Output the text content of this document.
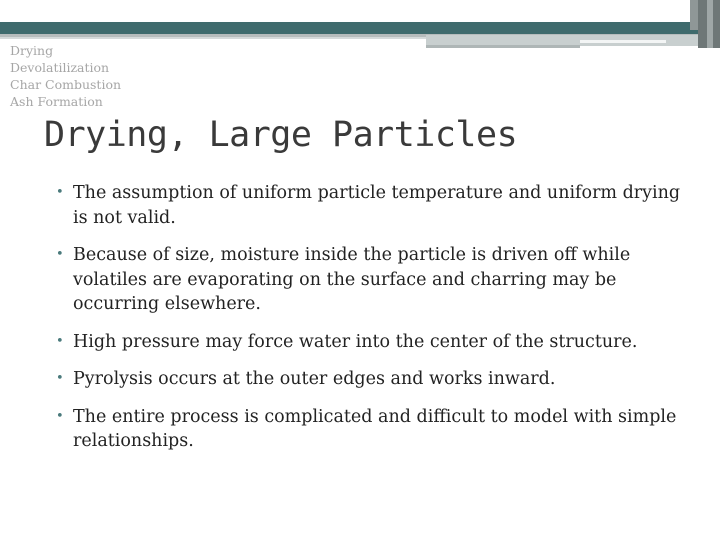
Drying
Devolatilization
Char Combustion
Ash Formation
Drying, Large Particles
• The assumption of uniform particle temperature and uniform drying is not valid.
• Because of size, moisture inside the particle is driven off while volatiles are evaporating on the surface and charring may be occurring elsewhere.
• High pressure may force water into the center of the structure.
• Pyrolysis occurs at the outer edges and works inward.
• The entire process is complicated and difficult to model with simple relationships.
